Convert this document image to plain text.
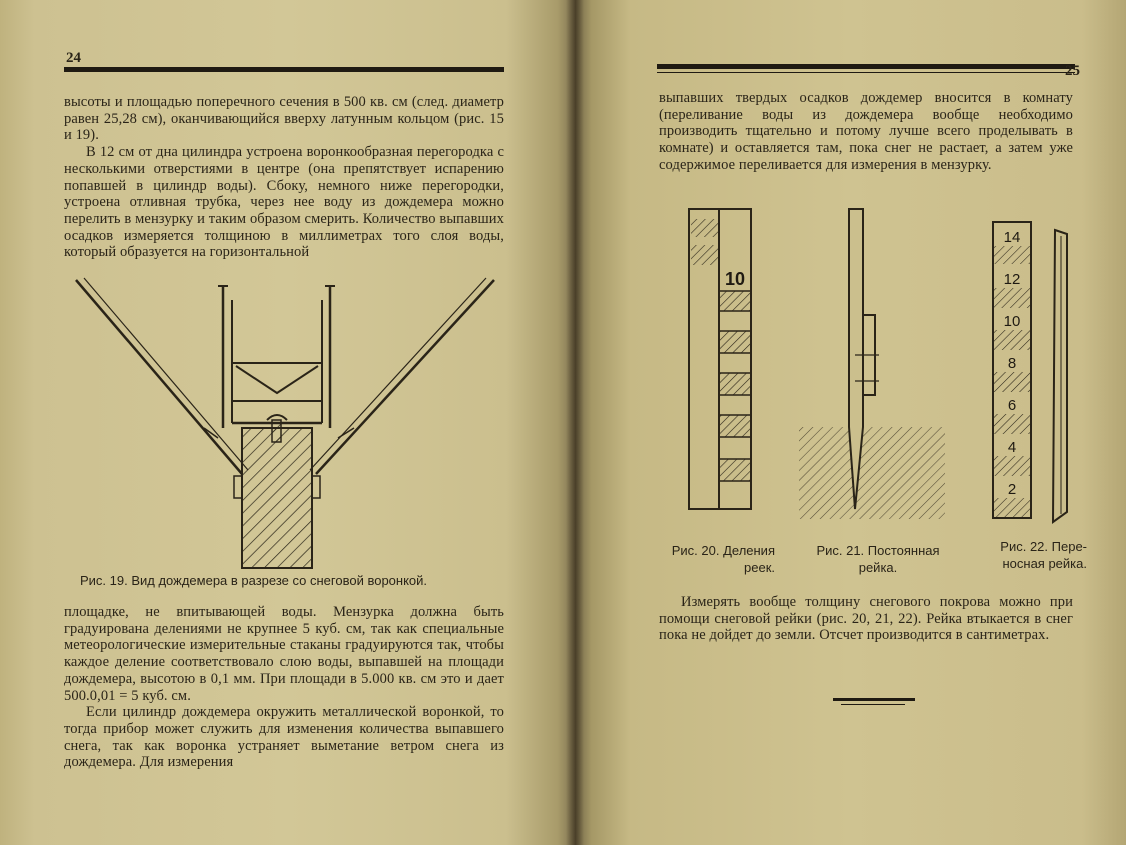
24

высоты и площадью поперечного сечения в 500 кв. см (след. диаметр равен 25,28 см), оканчивающийся вверху латунным кольцом (рис. 15 и 19).

В 12 см от дна цилиндра устроена воронкообразная перегородка с несколькими отверстиями в центре (она препятствует испарению попавшей в цилиндр воды). Сбоку, немного ниже перегородки, устроена отливная трубка, через нее воду из дождемера можно перелить в мензурку и таким образом смерить. Количество выпавших осадков измеряется толщиною в миллиметрах того слоя воды, который образуется на горизонтальной

Рис. 19. Вид дождемера в разрезе со снеговой воронкой.

площадке, не впитывающей воды. Мензурка должна быть градуирована делениями не крупнее 5 куб. см, так как специальные метеорологические измерительные стаканы градуируются так, чтобы каждое деление соответствовало слою воды, выпавшей на площади дождемера, высотою в 0,1 мм. При площади в 5.000 кв. см это и дает 500.0,01 = 5 куб. см.

Если цилиндр дождемера окружить металлической воронкой, то тогда прибор может служить для изменения количества выпавшего снега, так как воронка устраняет выметание ветром снега из дождемера. Для измерения

25

выпавших твердых осадков дождемер вносится в комнату (переливание воды из дождемера вообще необходимо производить тщательно и потому лучше всего проделывать в комнате) и оставляется там, пока снег не растает, а затем уже содержимое переливается для измерения в мензурку.

10
14
12
10
8
6
4
2
Рис. 20. Деления
реек.
Рис. 21. Постоянная
рейка.
Рис. 22. Пере-
носная рейка.

Измерять вообще толщину снегового покрова можно при помощи снеговой рейки (рис. 20, 21, 22). Рейка втыкается в снег пока не дойдет до земли. Отсчет производится в сантиметрах.
